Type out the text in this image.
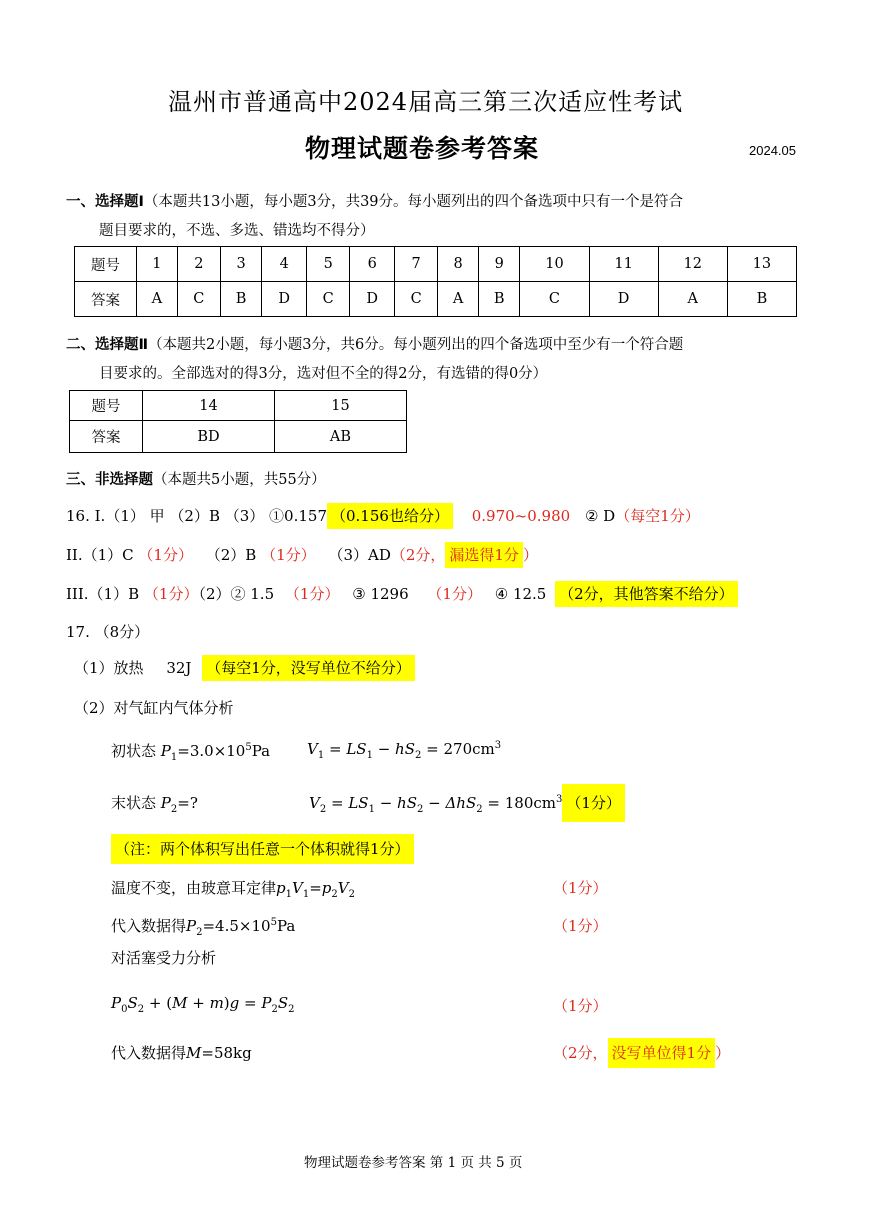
温州市普通高中2024届高三第三次适应性考试
物理试题卷参考答案	2024.05
一、选择题Ⅰ（本题共13小题，每小题3分，共39分。每小题列出的四个备选项中只有一个是符合
题目要求的，不选、多选、错选均不得分）
题号	1	2	3	4	5	6	7	8	9	10	11	12	13
答案	A	C	B	D	C	D	C	A	B	C	D	A	B
二、选择题Ⅱ（本题共2小题，每小题3分，共6分。每小题列出的四个备选项中至少有一个符合题
目要求的。全部选对的得3分，选对但不全的得2分，有选错的得0分）
题号	14	15
答案	BD	AB
三、非选择题（本题共5小题，共55分）
16. I.（1） 甲 （2）B （3） ①0.157 （0.156也给分） 0.970~0.980 ② D（每空1分）
II.（1）C （1分） （2）B （1分） （3）AD（2分， 漏选得1分 ）
III.（1）B （1分）（2）② 1.5 （1分） ③ 1296 （1分） ④ 12.5 （2分，其他答案不给分）
17. （8分）
（1）放热 32J （每空1分，没写单位不给分）
（2）对气缸内气体分析
初状态 $P_1=3.0\times 10^5Pa$ $V_1 = LS_1 - hS_2 = 270cm^3$
末状态 $P_2=$?	$V_2 = LS_1 - hS_2 - \Delta hS_2 = 180cm^3$ （1分）
（注：两个体积写出任意一个体积就得1分）
温度不变，由玻意耳定律$p_1V_1=p_2V_2$	（1分）
代入数据得$P_2=4.5\times 10^5Pa$	（1分）
对活塞受力分析
$P_0S_2 + (M + m)g = P_2S_2$	（1分）
代入数据得M=58kg	（2分， 没写单位得1分 ）
物理试题卷参考答案 第 1 页 共 5 页
